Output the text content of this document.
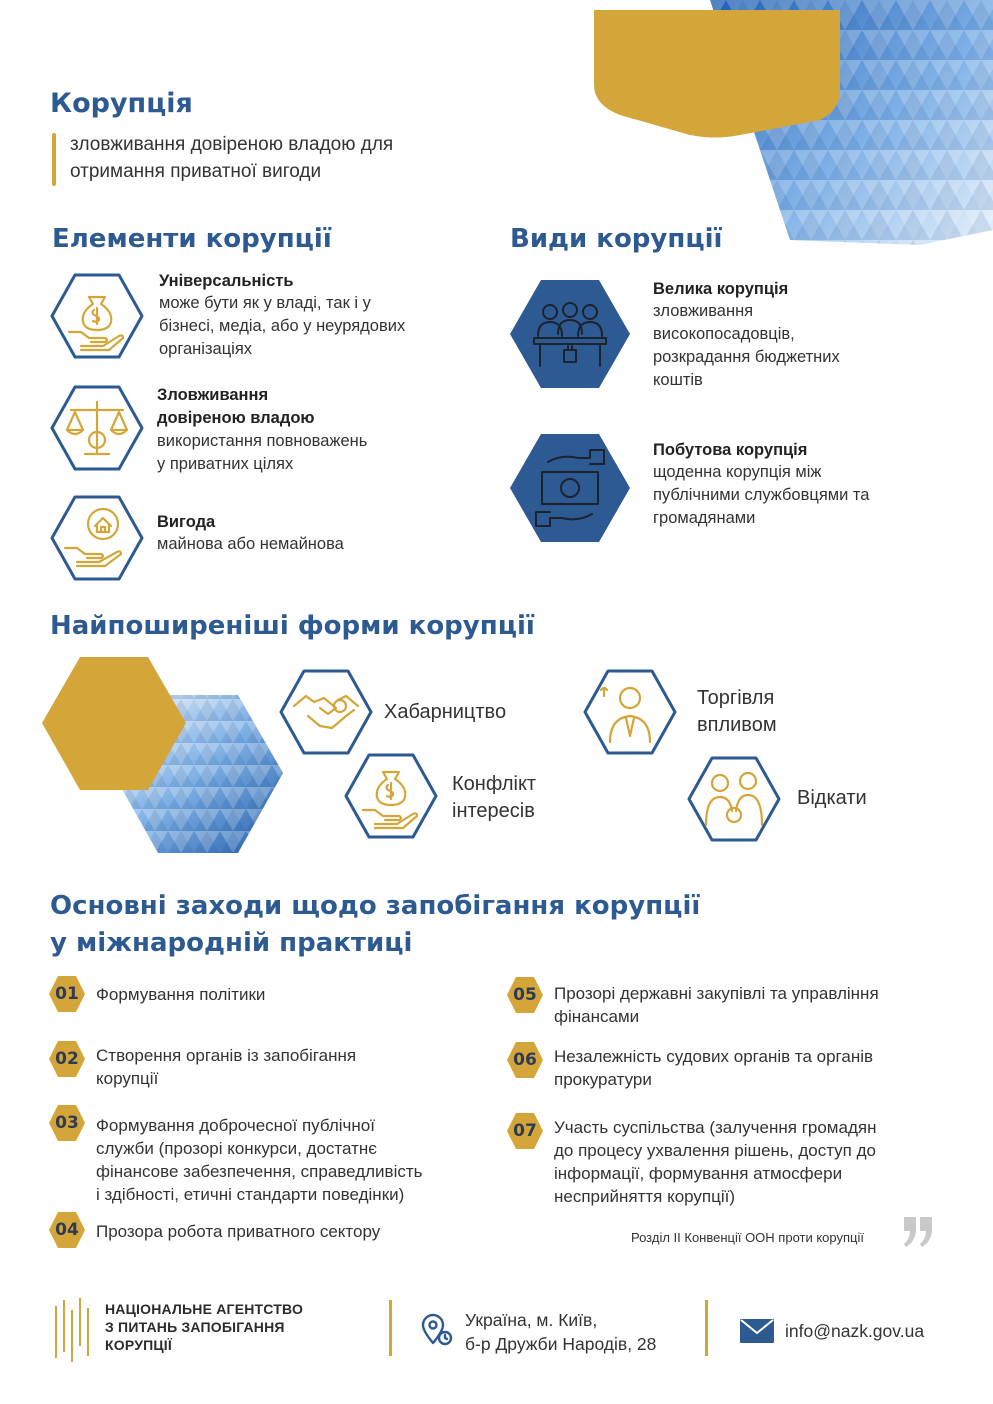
Корупція
зловживання довіреною владою для
отримання приватної вигоди
Елементи корупції
Універсальність
може бути як у владі, так і у
бізнесі, медіа, або у неурядових
організаціях
Зловживання
довіреною владою
використання повноважень
у приватних цілях
Вигода
майнова або немайнова
Види корупції
Велика корупція
зловживання
високопосадовців,
розкрадання бюджетних
коштів
Побутова корупція
щоденна корупція між
публічними службовцями та
громадянами
Найпоширеніші форми корупції
Хабарництво
Торгівля
впливом
Конфлікт
інтересів
Відкати
Основні заходи щодо запобігання корупції
у міжнародній практиці
01	Формування політики
02	Створення органів із запобігання
корупції
03	Формування доброчесної публічної
служби (прозорі конкурси, достатнє
фінансове забезпечення, справедливість
і здібності, етичні стандарти поведінки)
04	Прозора робота приватного сектору
05	Прозорі державні закупівлі та управління
фінансами
06	Незалежність судових органів та органів
прокуратури
07	Участь суспільства (залучення громадян
до процесу ухвалення рішень, доступ до
інформації, формування атмосфери
несприйняття корупції)
Розділ ІІ Конвенції ООН проти корупції
НАЦІОНАЛЬНЕ АГЕНТСТВО
З ПИТАНЬ ЗАПОБІГАННЯ
КОРУПЦІЇ
Україна, м. Київ,
б-р Дружби Народів, 28
info@nazk.gov.ua
